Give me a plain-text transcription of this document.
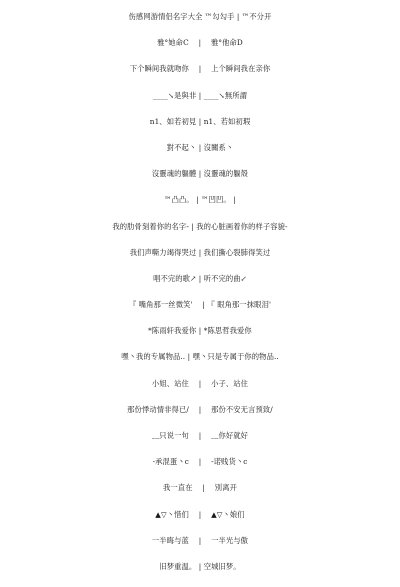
伤感网游情侣名字大全 ™勾勾手 | ™不分开
雅°她命C　 |　 雅°他命D
下个瞬间我就吻你　 |　 上个瞬间我在亲你
____↘是與非 | ____↘無所謂
n1、如若初見 | n1、若如初瑕
對不起丶 | 沒關系丶
沒靈魂的軀體 | 沒靈魂的軀殼
™凸凸。 | ™凹凹。 |
我的肋骨刻着你的名字- | 我的心脏画着你的样子容貌-
我们声嘶力竭得哭过 | 我们撕心裂肺得笑过
唱不完的歌↗ | 听不完的曲↙
『 嘴角那一丝微笑'　 | 『 眼角那一抹眼泪'
*陈雨轩我爱你 | *陈思哲我爱你
嘿丶我的专属物品.. | 嘿丶只是专属于你的物品..
小姐、站住　 |　 小子、站住
那份悸动情非得已/　 |　 那份不安无言预致/
﹏只说一句　 |　 ﹏你好就好
-承混蛋丶c　 |　 -诺贱货丶c
我一直在　 |　 別离开
▲▽丶惜们　 |　 ▲▽丶娘们
一半晦与蓝　 |　 一半光与傲
旧梦重温。 | 空城旧梦。
